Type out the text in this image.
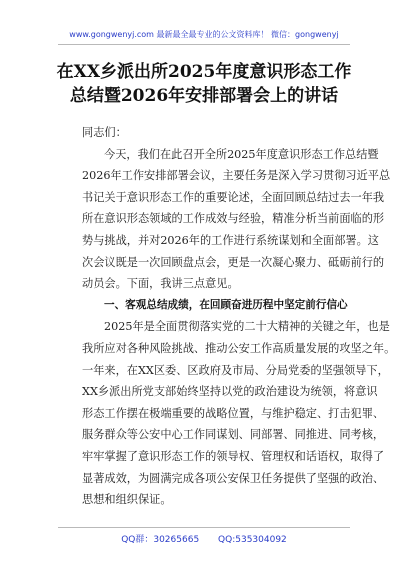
www.gongwenyj.com 最新最全最专业的公文资料库！ 微信：gongwenyj
在XX乡派出所2025年度意识形态工作
总结暨2026年安排部署会上的讲话
同志们：
今天，我们在此召开全所2025年度意识形态工作总结暨
2026年工作安排部署会议，主要任务是深入学习贯彻习近平总
书记关于意识形态工作的重要论述，全面回顾总结过去一年我
所在意识形态领域的工作成效与经验，精准分析当前面临的形
势与挑战，并对2026年的工作进行系统谋划和全面部署。这
次会议既是一次回顾盘点会，更是一次凝心聚力、砥砺前行的
动员会。下面，我讲三点意见。
一、客观总结成绩，在回顾奋进历程中坚定前行信心
2025年是全面贯彻落实党的二十大精神的关键之年，也是
我所应对各种风险挑战、推动公安工作高质量发展的攻坚之年。
一年来，在XX区委、区政府及市局、分局党委的坚强领导下，
XX乡派出所党支部始终坚持以党的政治建设为统领，将意识
形态工作摆在极端重要的战略位置，与维护稳定、打击犯罪、
服务群众等公安中心工作同谋划、同部署、同推进、同考核，
牢牢掌握了意识形态工作的领导权、管理权和话语权，取得了
显著成效，为圆满完成各项公安保卫任务提供了坚强的政治、
思想和组织保证。
QQ群：30265665 QQ:535304092
